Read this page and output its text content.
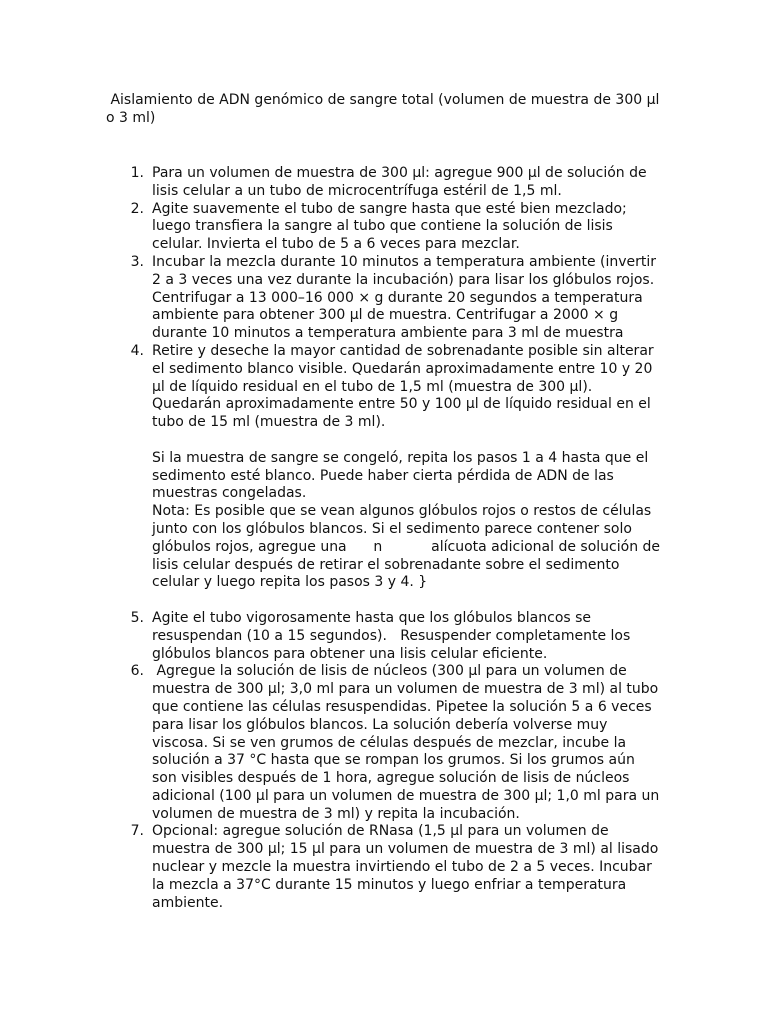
Aislamiento de ADN genómico de sangre total (volumen de muestra de 300 µl o 3 ml)
1. Para un volumen de muestra de 300 µl: agregue 900 µl de solución de lisis celular a un tubo de microcentrífuga estéril de 1,5 ml.

2. Agite suavemente el tubo de sangre hasta que esté bien mezclado; luego transfiera la sangre al tubo que contiene la solución de lisis celular. Invierta el tubo de 5 a 6 veces para mezclar.

3. Incubar la mezcla durante 10 minutos a temperatura ambiente (invertir 2 a 3 veces una vez durante la incubación) para lisar los glóbulos rojos. Centrifugar a 13 000–16 000 × g durante 20 segundos a temperatura ambiente para obtener 300 µl de muestra. Centrifugar a 2000 × g durante 10 minutos a temperatura ambiente para 3 ml de muestra

4. Retire y deseche la mayor cantidad de sobrenadante posible sin alterar el sedimento blanco visible. Quedarán aproximadamente entre 10 y 20 µl de líquido residual en el tubo de 1,5 ml (muestra de 300 µl). Quedarán aproximadamente entre 50 y 100 µl de líquido residual en el tubo de 15 ml (muestra de 3 ml).

Si la muestra de sangre se congeló, repita los pasos 1 a 4 hasta que el sedimento esté blanco. Puede haber cierta pérdida de ADN de las muestras congeladas.

Nota: Es posible que se vean algunos glóbulos rojos o restos de células junto con los glóbulos blancos. Si el sedimento parece contener solo glóbulos rojos, agregue una      n           alícuota adicional de solución de lisis celular después de retirar el sobrenadante sobre el sedimento celular y luego repita los pasos 3 y 4. }

5. Agite el tubo vigorosamente hasta que los glóbulos blancos se resuspendan (10 a 15 segundos).   Resuspender completamente los glóbulos blancos para obtener una lisis celular eficiente.

6. Agregue la solución de lisis de núcleos (300 µl para un volumen de muestra de 300 µl; 3,0 ml para un volumen de muestra de 3 ml) al tubo que contiene las células resuspendidas. Pipetee la solución 5 a 6 veces para lisar los glóbulos blancos. La solución debería volverse muy viscosa. Si se ven grumos de células después de mezclar, incube la solución a 37 °C hasta que se rompan los grumos. Si los grumos aún son visibles después de 1 hora, agregue solución de lisis de núcleos adicional (100 µl para un volumen de muestra de 300 µl; 1,0 ml para un volumen de muestra de 3 ml) y repita la incubación.

7. Opcional: agregue solución de RNasa (1,5 µl para un volumen de muestra de 300 µl; 15 µl para un volumen de muestra de 3 ml) al lisado nuclear y mezcle la muestra invirtiendo el tubo de 2 a 5 veces. Incubar la mezcla a 37°C durante 15 minutos y luego enfriar a temperatura ambiente.
